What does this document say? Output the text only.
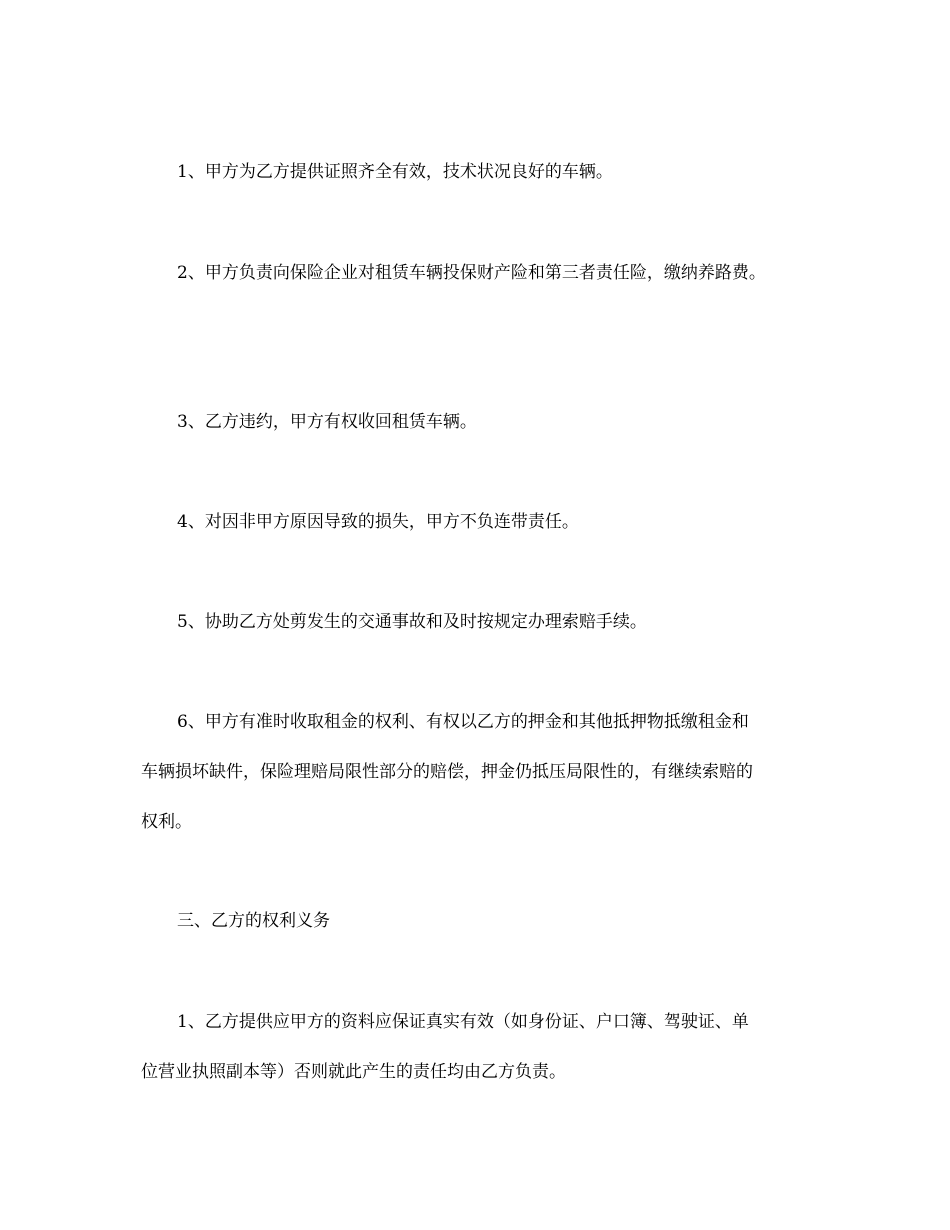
1、甲方为乙方提供证照齐全有效，技术状况良好的车辆。

2、甲方负责向保险企业对租赁车辆投保财产险和第三者责任险，缴纳养路费。

3、乙方违约，甲方有权收回租赁车辆。

4、对因非甲方原因导致的损失，甲方不负连带责任。

5、协助乙方处剪发生的交通事故和及时按规定办理索赔手续。

6、甲方有准时收取租金的权利、有权以乙方的押金和其他抵押物抵缴租金和

车辆损坏缺件，保险理赔局限性部分的赔偿，押金仍抵压局限性的，有继续索赔的

权利。

三、乙方的权利义务

1、乙方提供应甲方的资料应保证真实有效（如身份证、户口簿、驾驶证、单

位营业执照副本等）否则就此产生的责任均由乙方负责。
